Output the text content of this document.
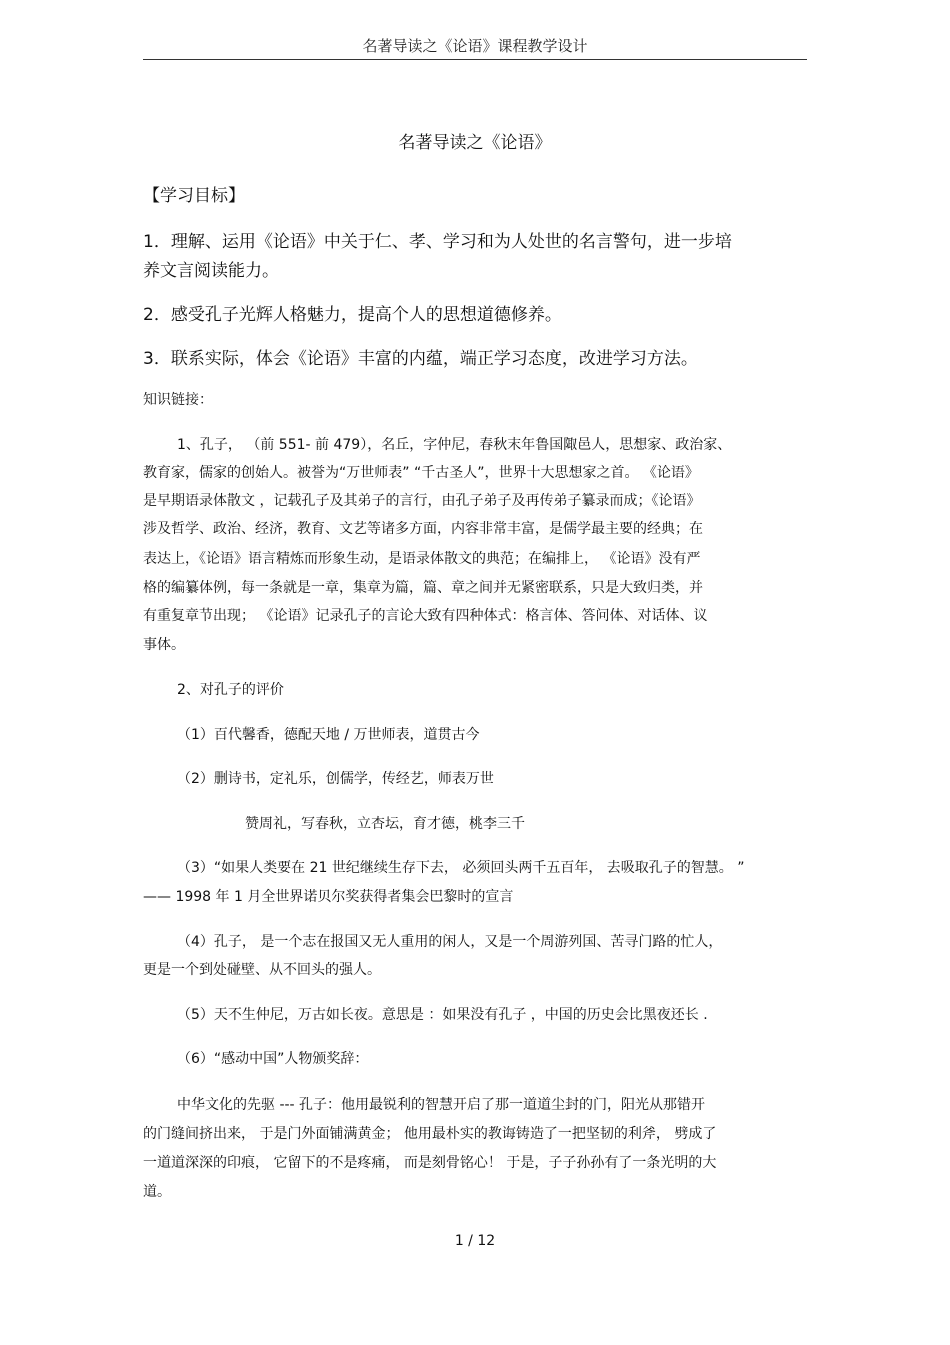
名著导读之《论语》课程教学设计

名著导读之《论语》

【学习目标】

1．理解、运用《论语》中关于仁、孝、学习和为人处世的名言警句，进一步培

养文言阅读能力。

2．感受孔子光辉人格魅力，提高个人的思想道德修养。

3．联系实际，体会《论语》丰富的内蕴，端正学习态度，改进学习方法。

知识链接：

1、孔子， （前 551- 前 479），名丘，字仲尼，春秋末年鲁国陬邑人，思想家、政治家、

教育家，儒家的创始人。被誉为“万世师表” “千古圣人”，世界十大思想家之首。 《论语》

是早期语录体散文 ，记载孔子及其弟子的言行，由孔子弟子及再传弟子纂录而成；《论语》

涉及哲学、政治、经济，教育、文艺等诸多方面，内容非常丰富，是儒学最主要的经典；在

表达上，《论语》语言精炼而形象生动，是语录体散文的典范；在编排上， 《论语》没有严

格的编纂体例，每一条就是一章，集章为篇，篇、章之间并无紧密联系，只是大致归类，并

有重复章节出现； 《论语》记录孔子的言论大致有四种体式：格言体、答问体、对话体、议

事体。

2、对孔子的评价

（1）百代馨香，德配天地 / 万世师表，道贯古今

（2）删诗书，定礼乐，创儒学，传经艺，师表万世

赞周礼，写春秋，立杏坛，育才德，桃李三千

（3）“如果人类要在 21 世纪继续生存下去， 必须回头两千五百年， 去吸取孔子的智慧。 ”

—— 1998 年 1 月全世界诺贝尔奖获得者集会巴黎时的宣言

（4）孔子， 是一个志在报国又无人重用的闲人，又是一个周游列国、苦寻门路的忙人，

更是一个到处碰壁、从不回头的强人。

（5）天不生仲尼，万古如长夜。意思是 ：如果没有孔子 ，中国的历史会比黑夜还长 .

（6）“感动中国”人物颁奖辞：

中华文化的先驱 --- 孔子：他用最锐利的智慧开启了那一道道尘封的门，阳光从那错开

的门缝间挤出来， 于是门外面铺满黄金； 他用最朴实的教诲铸造了一把坚韧的利斧， 劈成了

一道道深深的印痕， 它留下的不是疼痛， 而是刻骨铭心！ 于是，子子孙孙有了一条光明的大

道。

1 / 12
